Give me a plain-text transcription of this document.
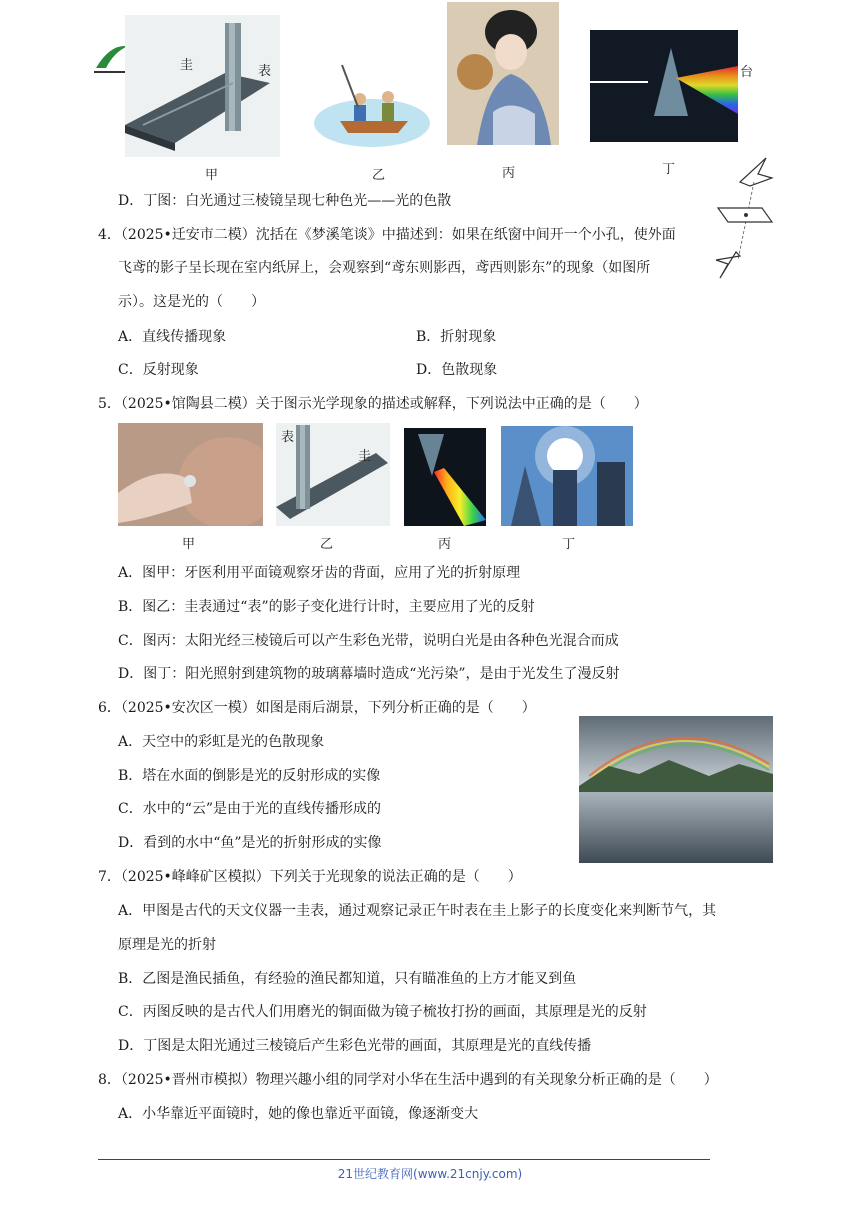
圭	表
甲	乙	丙
台
丁
D．丁图：白光通过三棱镜呈现七种色光——光的色散
4．（2025•迁安市二模）沈括在《梦溪笔谈》中描述到：如果在纸窗中间开一个小孔，使外面
飞鸢的影子呈长现在室内纸屏上，会观察到“鸢东则影西，鸢西则影东”的现象（如图所
示）。这是光的（　　）
A．直线传播现象	B．折射现象
C．反射现象	D．色散现象
5．（2025•馆陶县二模）关于图示光学现象的描述或解释，下列说法中正确的是（　　）
表
圭
甲	乙	丙	丁
A．图甲：牙医利用平面镜观察牙齿的背面，应用了光的折射原理
B．图乙：圭表通过“表”的影子变化进行计时，主要应用了光的反射
C．图丙：太阳光经三棱镜后可以产生彩色光带，说明白光是由各种色光混合而成
D．图丁：阳光照射到建筑物的玻璃幕墙时造成“光污染”，是由于光发生了漫反射
6．（2025•安次区一模）如图是雨后湖景，下列分析正确的是（　　）
A．天空中的彩虹是光的色散现象
B．塔在水面的倒影是光的反射形成的实像
C．水中的“云”是由于光的直线传播形成的
D．看到的水中“鱼”是光的折射形成的实像
7．（2025•峰峰矿区模拟）下列关于光现象的说法正确的是（　　）
A．甲图是古代的天文仪器一圭表，通过观察记录正午时表在圭上影子的长度变化来判断节气，其
原理是光的折射
B．乙图是渔民插鱼，有经验的渔民都知道，只有瞄准鱼的上方才能叉到鱼
C．丙图反映的是古代人们用磨光的铜面做为镜子梳妆打扮的画面，其原理是光的反射
D．丁图是太阳光通过三棱镜后产生彩色光带的画面，其原理是光的直线传播
8．（2025•晋州市模拟）物理兴趣小组的同学对小华在生活中遇到的有关现象分析正确的是（　　）
A．小华靠近平面镜时，她的像也靠近平面镜，像逐渐变大
21世纪教育网(www.21cnjy.com)
